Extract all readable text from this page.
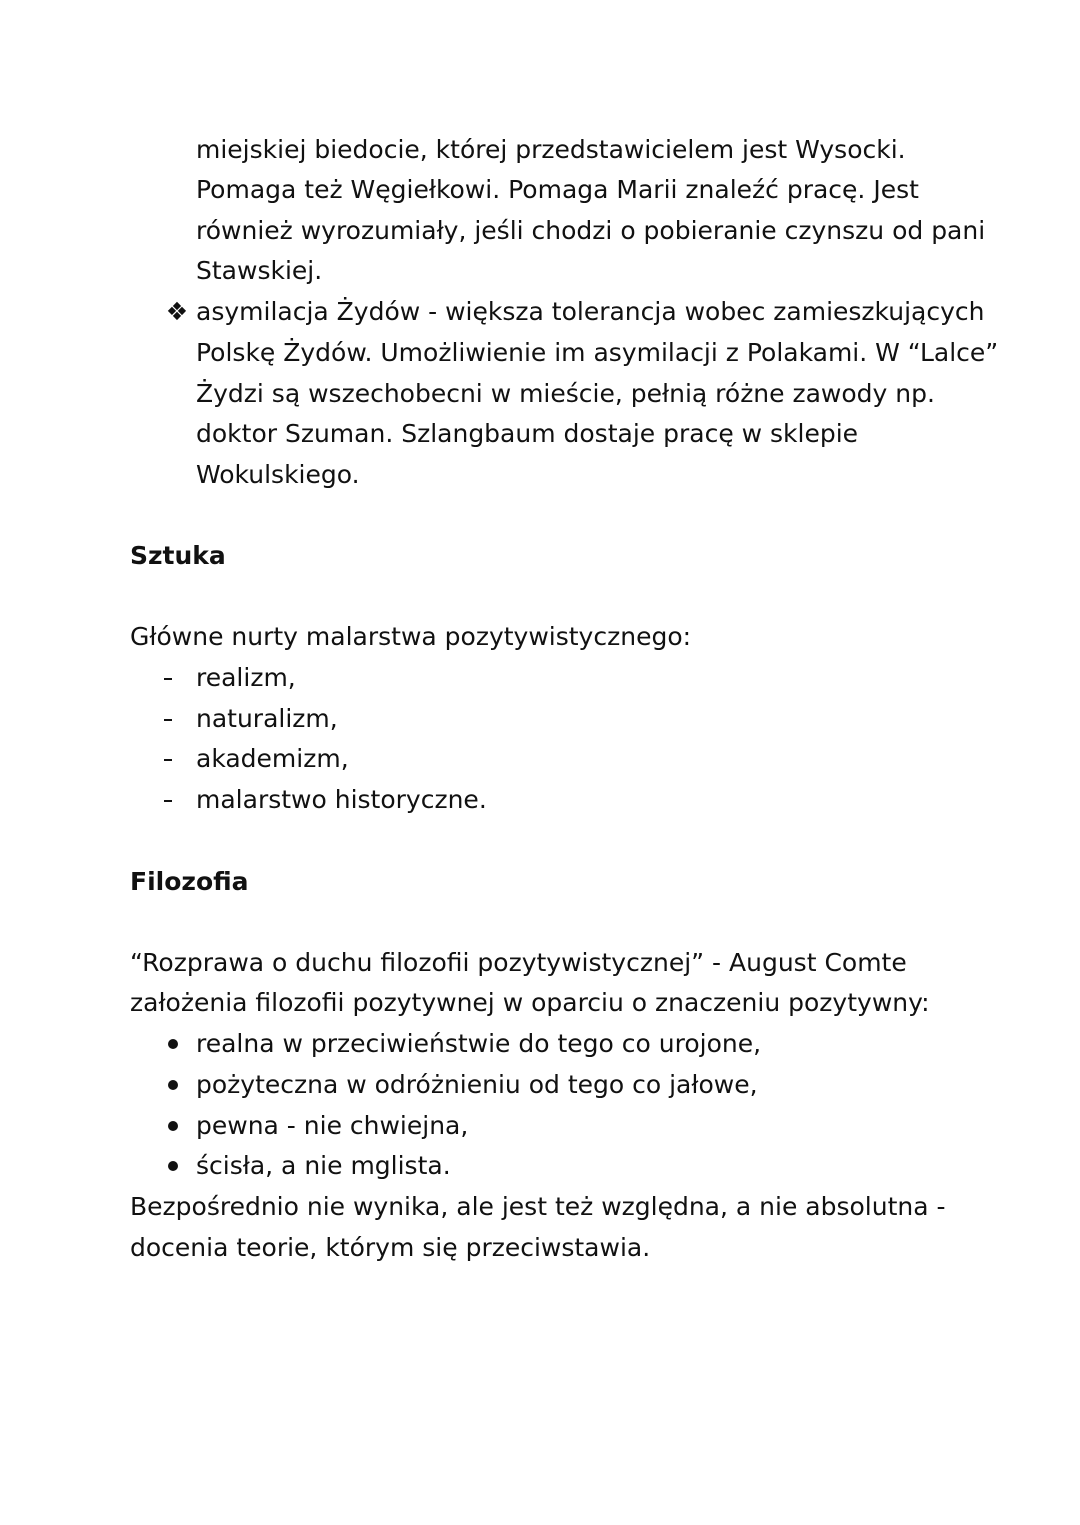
miejskiej biedocie, której przedstawicielem jest Wysocki.
Pomaga też Węgiełkowi. Pomaga Marii znaleźć pracę. Jest
również wyrozumiały, jeśli chodzi o pobieranie czynszu od pani
Stawskiej.
❖ asymilacja Żydów - większa tolerancja wobec zamieszkujących
Polskę Żydów. Umożliwienie im asymilacji z Polakami. W “Lalce”
Żydzi są wszechobecni w mieście, pełnią różne zawody np.
doktor Szuman. Szlangbaum dostaje pracę w sklepie
Wokulskiego.
Sztuka
Główne nurty malarstwa pozytywistycznego:
realizm,
naturalizm,
akademizm,
malarstwo historyczne.
Filozofia
“Rozprawa o duchu filozofii pozytywistycznej” - August Comte
założenia filozofii pozytywnej w oparciu o znaczeniu pozytywny:
realna w przeciwieństwie do tego co urojone,
pożyteczna w odróżnieniu od tego co jałowe,
pewna - nie chwiejna,
ścisła, a nie mglista.
Bezpośrednio nie wynika, ale jest też względna, a nie absolutna -
docenia teorie, którym się przeciwstawia.
